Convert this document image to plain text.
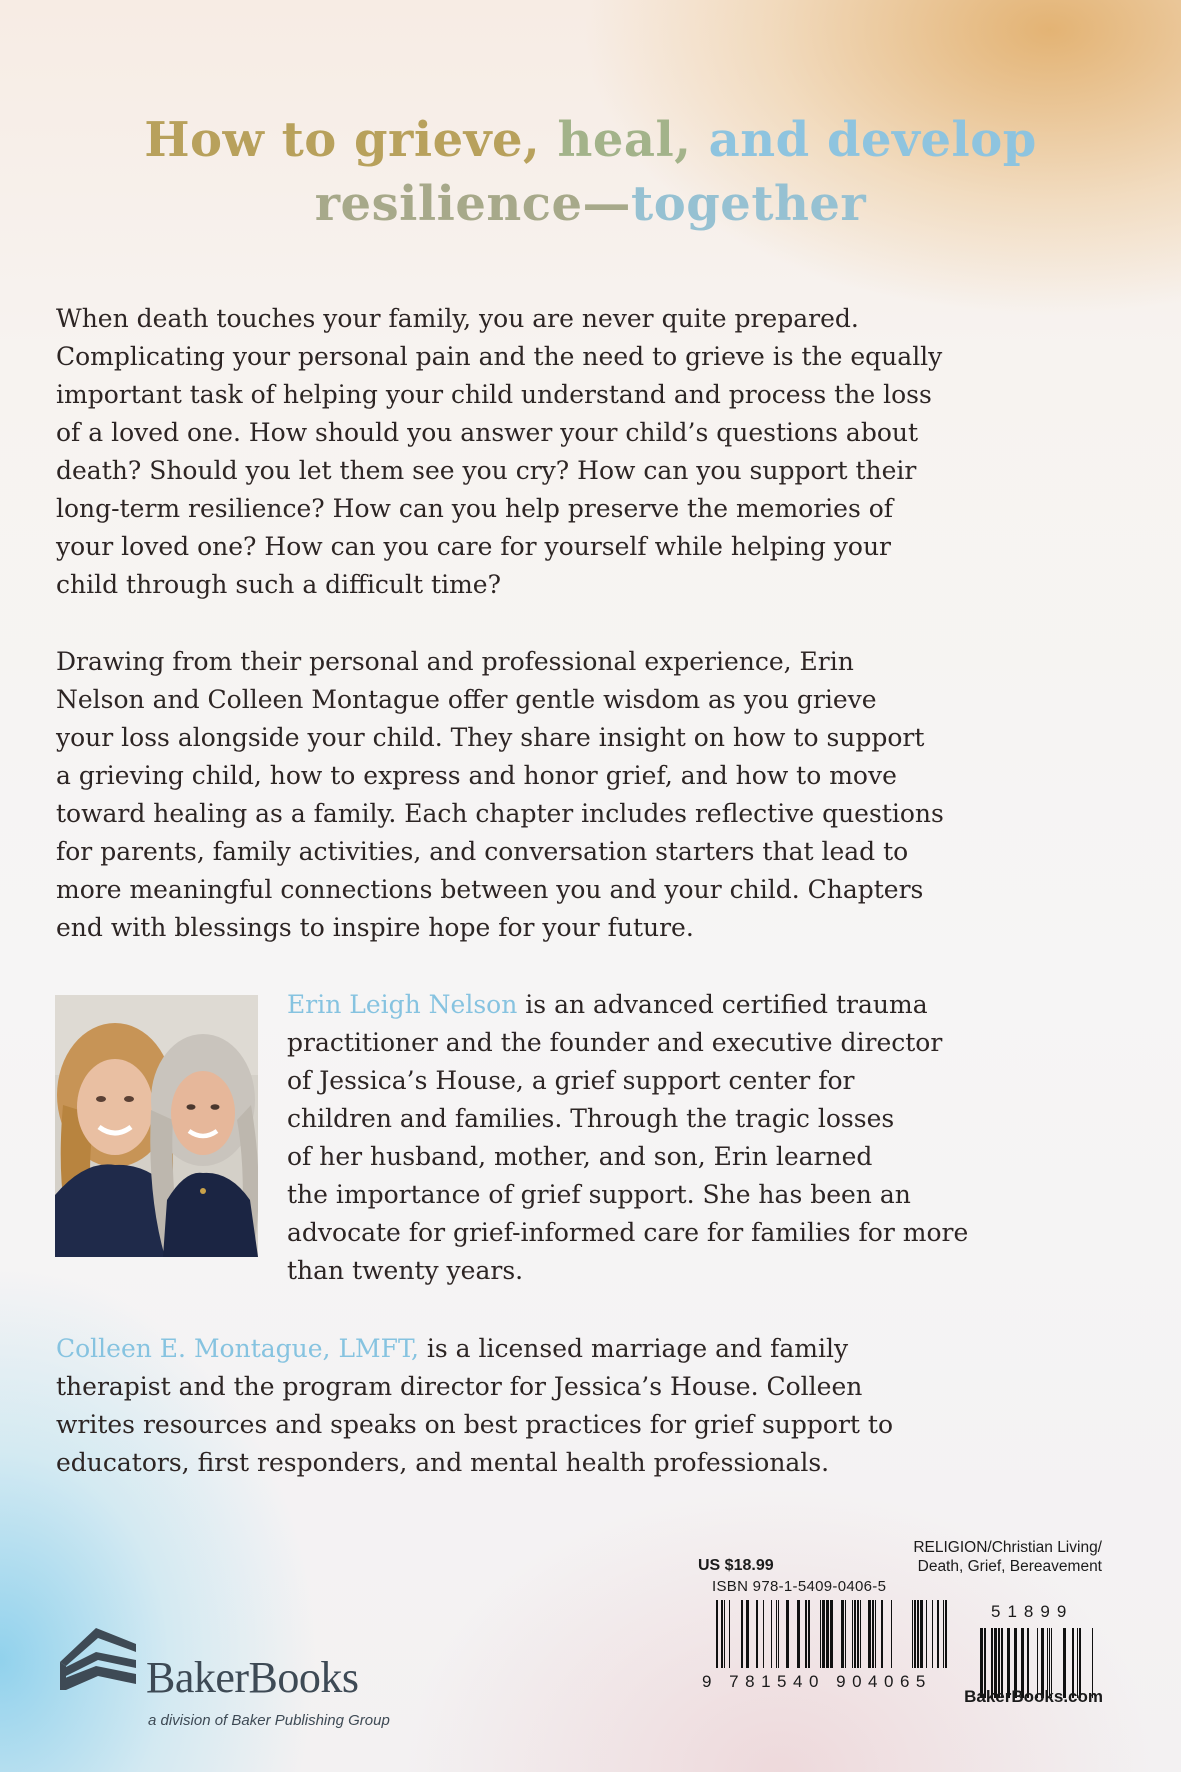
How to grieve, heal, and develop
resilience—together

When death touches your family, you are never quite prepared.

Complicating your personal pain and the need to grieve is the equally

important task of helping your child understand and process the loss

of a loved one. How should you answer your child’s questions about

death? Should you let them see you cry? How can you support their

long-term resilience? How can you help preserve the memories of

your loved one? How can you care for yourself while helping your

child through such a difficult time?

Drawing from their personal and professional experience, Erin

Nelson and Colleen Montague offer gentle wisdom as you grieve

your loss alongside your child. They share insight on how to support

a grieving child, how to express and honor grief, and how to move

toward healing as a family. Each chapter includes reflective questions

for parents, family activities, and conversation starters that lead to

more meaningful connections between you and your child. Chapters

end with blessings to inspire hope for your future.

Erin Leigh Nelson is an advanced certified trauma

practitioner and the founder and executive director

of Jessica’s House, a grief support center for

children and families. Through the tragic losses

of her husband, mother, and son, Erin learned

the importance of grief support. She has been an

advocate for grief-informed care for families for more

than twenty years.

Colleen E. Montague, LMFT, is a licensed marriage and family

therapist and the program director for Jessica’s House. Colleen

writes resources and speaks on best practices for grief support to

educators, first responders, and mental health professionals.

RELIGION/Christian Living/
Death, Grief, Bereavement
US $18.99
ISBN 978-1-5409-0406-5
9 781540 904065
51899
BakerBooks.com
BakerBooks
a division of Baker Publishing Group
